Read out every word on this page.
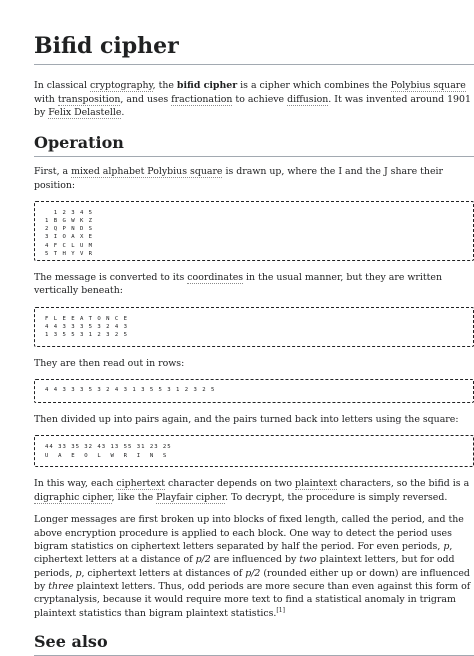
Bifid cipher

In classical cryptography, the bifid cipher is a cipher which combines the Polybius square with transposition, and uses fractionation to achieve diffusion. It was invented around 1901 by Felix Delastelle.

Operation

First, a mixed alphabet Polybius square is drawn up, where the I and the J share their position:

1 2 3 4 5
1 B G W K Z
2 Q P N D S
3 I O A X E
4 F C L U M
5 T H Y V R

The message is converted to its coordinates in the usual manner, but they are written vertically beneath:

F L E E A T O N C E
4 4 3 3 3 5 3 2 4 3
1 3 5 5 3 1 2 3 2 5

They are then read out in rows:

4 4 3 3 3 5 3 2 4 3 1 3 5 5 3 1 2 3 2 5

Then divided up into pairs again, and the pairs turned back into letters using the square:

44 33 35 32 43 13 55 31 23 25
U  A  E  O  L  W  R  I  N  S

In this way, each ciphertext character depends on two plaintext characters, so the bifid is a digraphic cipher, like the Playfair cipher. To decrypt, the procedure is simply reversed.

Longer messages are first broken up into blocks of fixed length, called the period, and the above encryption procedure is applied to each block. One way to detect the period uses bigram statistics on ciphertext letters separated by half the period. For even periods, p, ciphertext letters at a distance of p/2 are influenced by two plaintext letters, but for odd periods, p, ciphertext letters at distances of p/2 (rounded either up or down) are influenced by three plaintext letters. Thus, odd periods are more secure than even against this form of cryptanalysis, because it would require more text to find a statistical anomaly in trigram plaintext statistics than bigram plaintext statistics.[1]

See also
